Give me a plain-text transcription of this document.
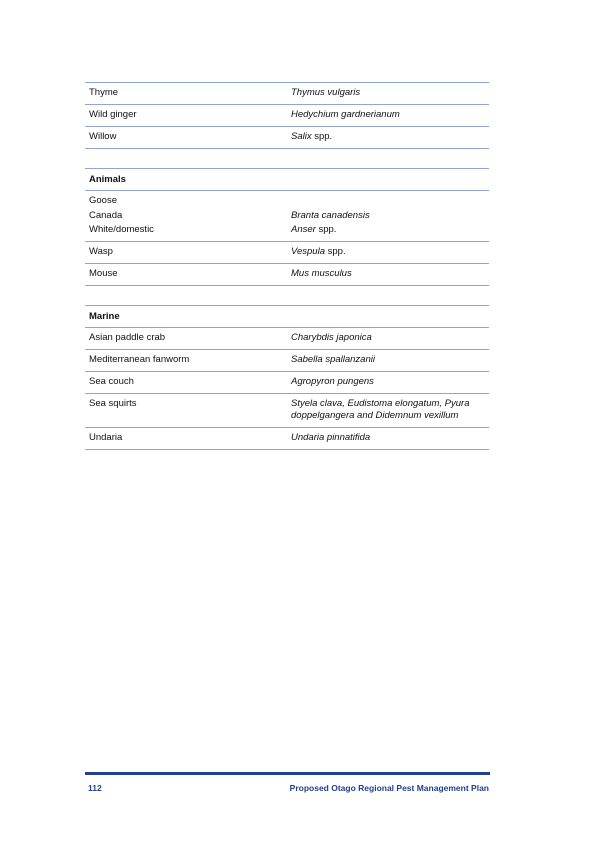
Thyme	Thymus vulgaris
Wild ginger	Hedychium gardnerianum
Willow	Salix spp.
Animals
Goose
Canada	Branta canadensis
White/domestic	Anser spp.
Wasp	Vespula spp.
Mouse	Mus musculus
Marine
Asian paddle crab	Charybdis japonica
Mediterranean fanworm	Sabella spallanzanii
Sea couch	Agropyron pungens
Sea squirts	Styela clava, Eudistoma elongatum, Pyura doppelgangera and Didemnum vexillum
Undaria	Undaria pinnatifida
112	Proposed Otago Regional Pest Management Plan
